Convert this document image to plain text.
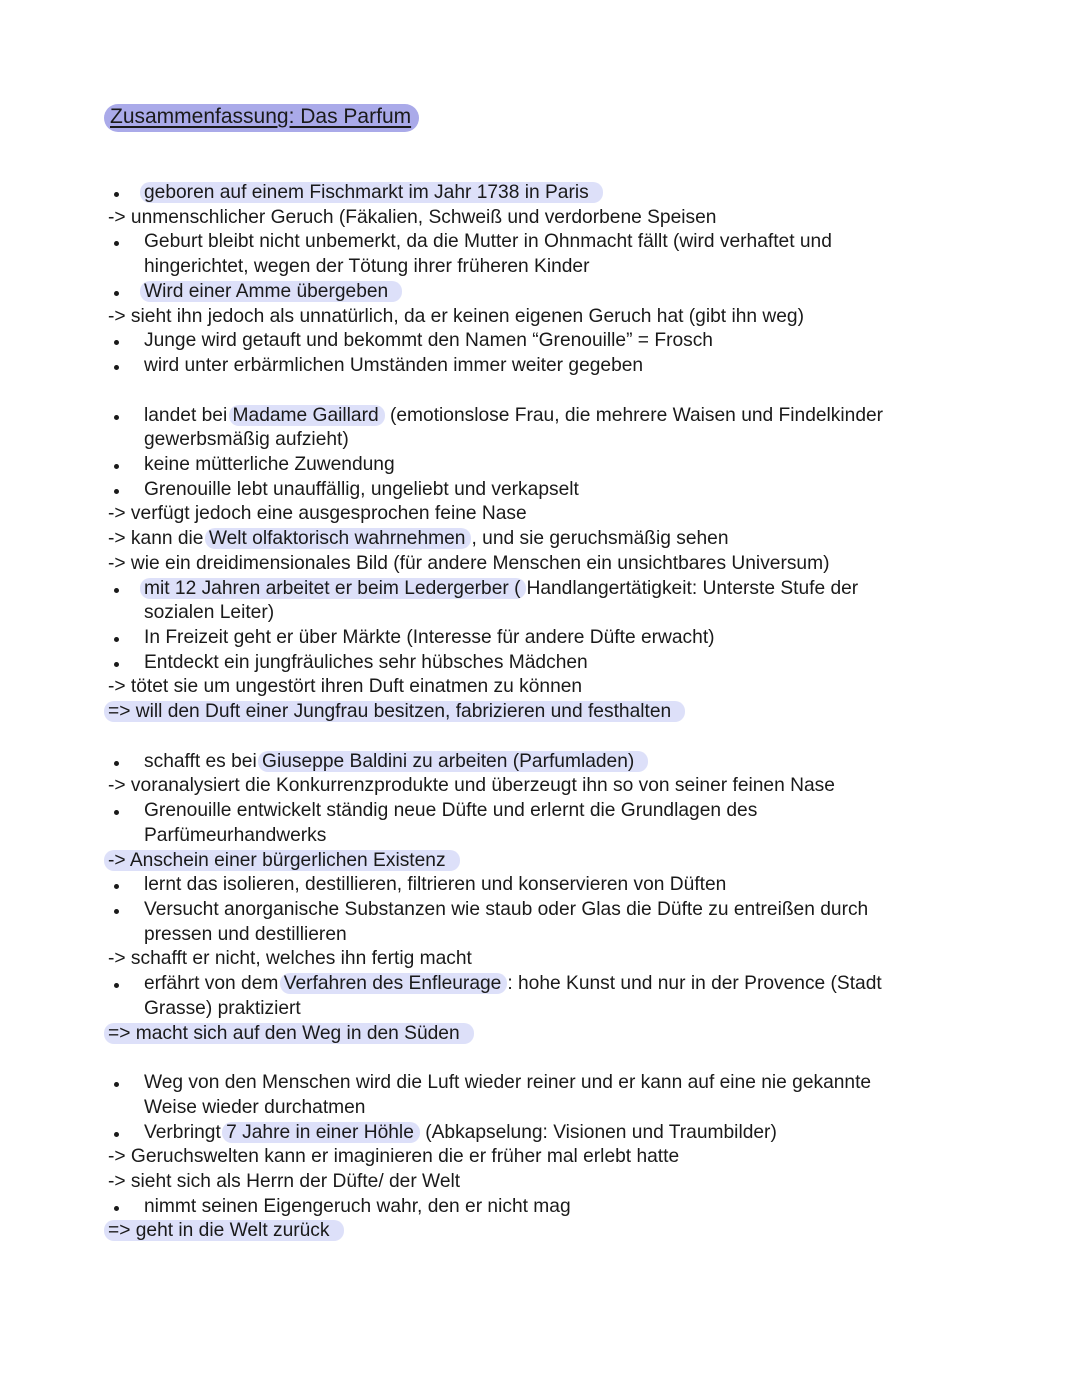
Zusammenfassung: Das Parfum
geboren auf einem Fischmarkt im Jahr 1738 in Paris
-> unmenschlicher Geruch (Fäkalien, Schweiß und verdorbene Speisen
Geburt bleibt nicht unbemerkt, da die Mutter in Ohnmacht fällt (wird verhaftet und
hingerichtet, wegen der Tötung ihrer früheren Kinder
Wird einer Amme übergeben
-> sieht ihn jedoch als unnatürlich, da er keinen eigenen Geruch hat (gibt ihn weg)
Junge wird getauft und bekommt den Namen “Grenouille” = Frosch
wird unter erbärmlichen Umständen immer weiter gegeben
landet bei Madame Gaillard (emotionslose Frau, die mehrere Waisen und Findelkinder
gewerbsmäßig aufzieht)
keine mütterliche Zuwendung
Grenouille lebt unauffällig, ungeliebt und verkapselt
-> verfügt jedoch eine ausgesprochen feine Nase
-> kann die Welt olfaktorisch wahrnehmen , und sie geruchsmäßig sehen
-> wie ein dreidimensionales Bild (für andere Menschen ein unsichtbares Universum)
mit 12 Jahren arbeitet er beim Ledergerber ( Handlangertätigkeit: Unterste Stufe der
sozialen Leiter)
In Freizeit geht er über Märkte (Interesse für andere Düfte erwacht)
Entdeckt ein jungfräuliches sehr hübsches Mädchen
-> tötet sie um ungestört ihren Duft einatmen zu können
=> will den Duft einer Jungfrau besitzen, fabrizieren und festhalten
schafft es bei Giuseppe Baldini zu arbeiten (Parfumladen)
-> voranalysiert die Konkurrenzprodukte und überzeugt ihn so von seiner feinen Nase
Grenouille entwickelt ständig neue Düfte und erlernt die Grundlagen des
Parfümeurhandwerks
-> Anschein einer bürgerlichen Existenz
lernt das isolieren, destillieren, filtrieren und konservieren von Düften
Versucht anorganische Substanzen wie staub oder Glas die Düfte zu entreißen durch
pressen und destillieren
-> schafft er nicht, welches ihn fertig macht
erfährt von dem Verfahren des Enfleurage : hohe Kunst und nur in der Provence (Stadt
Grasse) praktiziert
=> macht sich auf den Weg in den Süden
Weg von den Menschen wird die Luft wieder reiner und er kann auf eine nie gekannte
Weise wieder durchatmen
Verbringt 7 Jahre in einer Höhle (Abkapselung: Visionen und Traumbilder)
-> Geruchswelten kann er imaginieren die er früher mal erlebt hatte
-> sieht sich als Herrn der Düfte/ der Welt
nimmt seinen Eigengeruch wahr, den er nicht mag
=> geht in die Welt zurück
